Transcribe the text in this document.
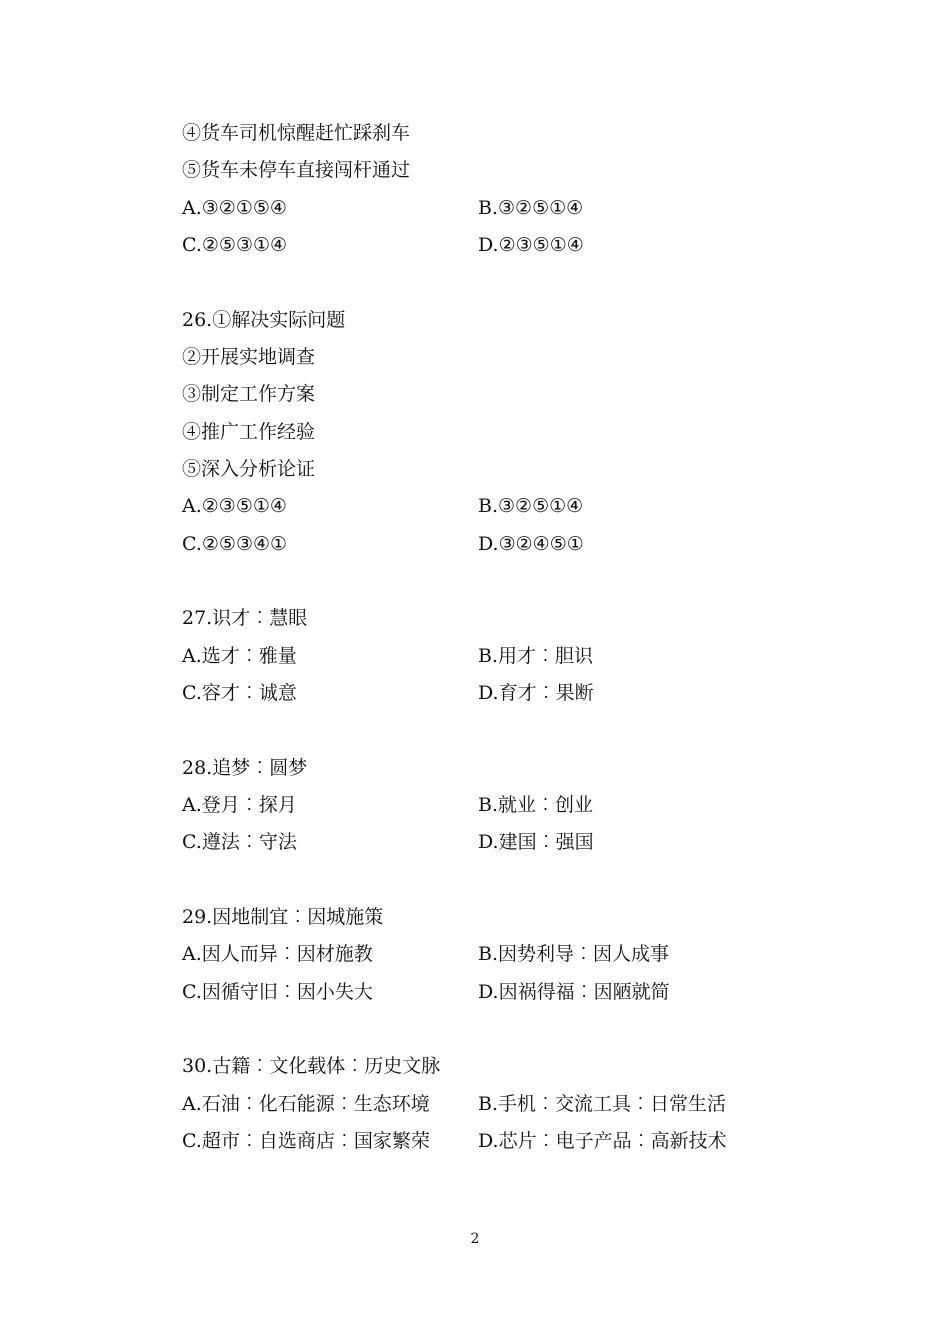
④货车司机惊醒赶忙踩刹车
⑤货车未停车直接闯杆通过
A.③②①⑤④	B.③②⑤①④
C.②⑤③①④	D.②③⑤①④
26.①解决实际问题
②开展实地调查
③制定工作方案
④推广工作经验
⑤深入分析论证
A.②③⑤①④	B.③②⑤①④
C.②⑤③④①	D.③②④⑤①
27.识才︰慧眼
A.选才︰雅量	B.用才︰胆识
C.容才︰诚意	D.育才︰果断
28.追梦︰圆梦
A.登月︰探月	B.就业︰创业
C.遵法︰守法	D.建国︰强国
29.因地制宜︰因城施策
A.因人而异︰因材施教	B.因势利导︰因人成事
C.因循守旧︰因小失大	D.因祸得福︰因陋就简
30.古籍︰文化载体︰历史文脉
A.石油︰化石能源︰生态环境	B.手机︰交流工具︰日常生活
C.超市︰自选商店︰国家繁荣	D.芯片︰电子产品︰高新技术
2
